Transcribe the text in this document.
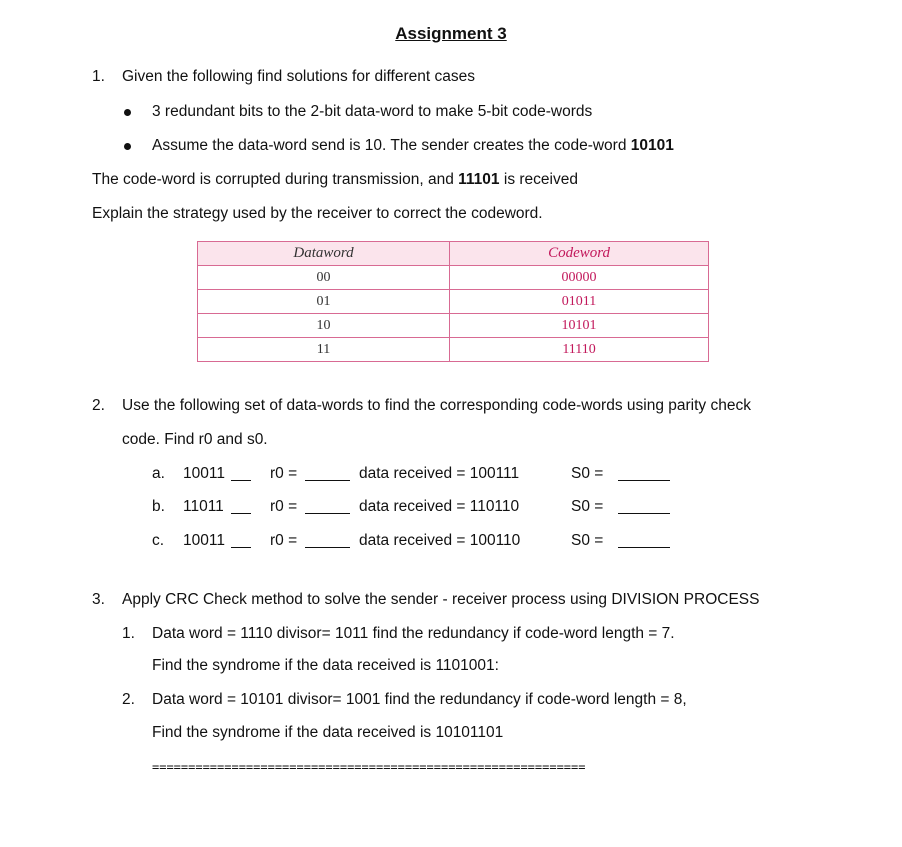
Assignment 3
1. Given the following find solutions for different cases
3 redundant bits to the 2-bit data-word to make 5-bit code-words
Assume the data-word send is 10. The sender creates the code-word 10101
The code-word is corrupted during transmission, and 11101 is received
Explain the strategy used by the receiver to correct the codeword.
Dataword	Codeword
00	00000
01	01011
10	10101
11	11110
2. Use the following set of data-words to find the corresponding code-words using parity check
code. Find r0 and s0.
a. 10011	r0 =	data received = 100111	S0 =
b. 11011	r0 =	data received = 110110	S0 =
c. 10011	r0 =	data received = 100110	S0 =
3. Apply CRC Check method to solve the sender - receiver process using DIVISION PROCESS
1. Data word = 1110 divisor= 1011 find the redundancy if code-word length = 7.
Find the syndrome if the data received is 1101001:
2. Data word = 10101 divisor= 1001 find the redundancy if code-word length = 8,
Find the syndrome if the data received is 10101101
============================================================
